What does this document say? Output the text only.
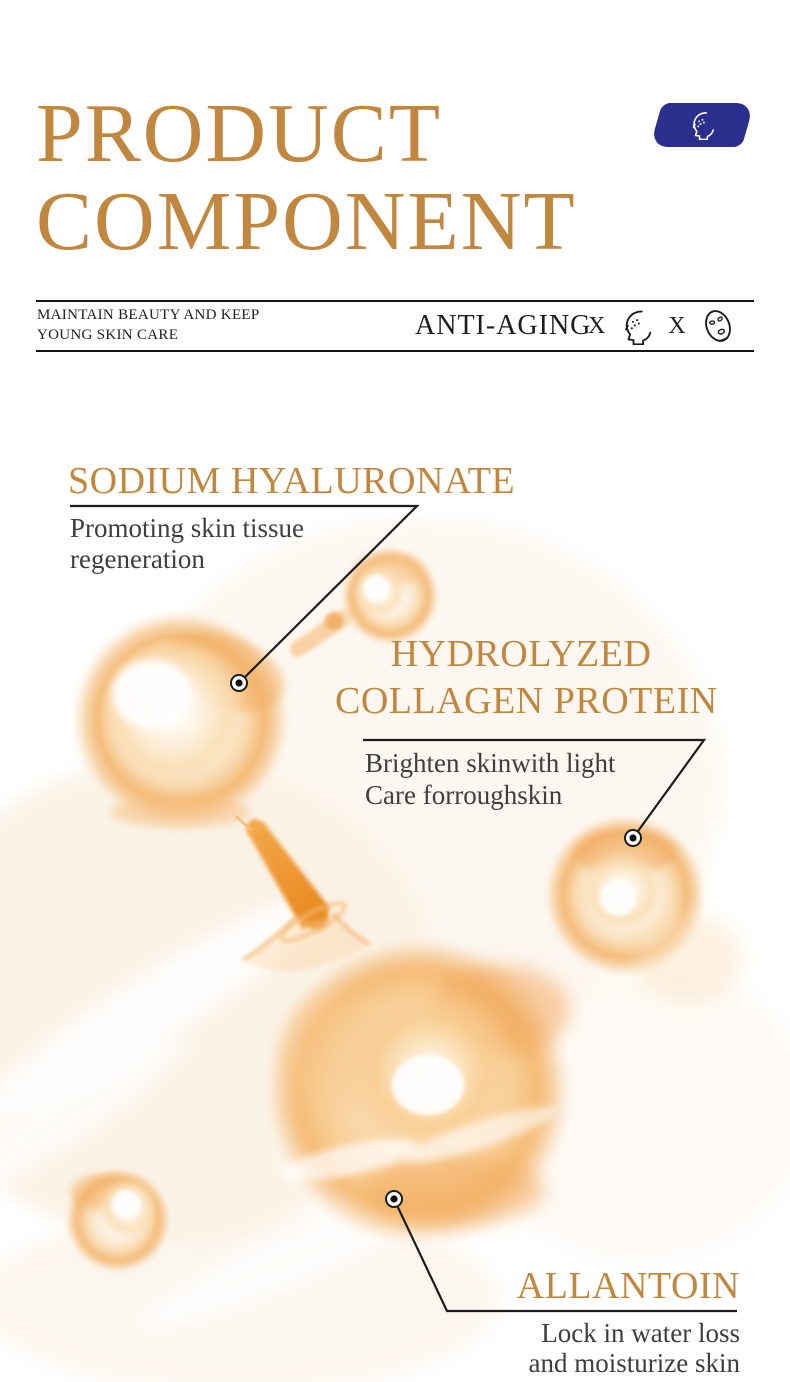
PRODUCT
COMPONENT
MAINTAIN BEAUTY AND KEEP
YOUNG SKIN CARE	ANTI-AGING
X	X
SODIUM HYALURONATE
Promoting skin tissue
regeneration
HYDROLYZED
COLLAGEN PROTEIN
Brighten skinwith light
Care forroughskin
ALLANTOIN
Lock in water loss
and moisturize skin
